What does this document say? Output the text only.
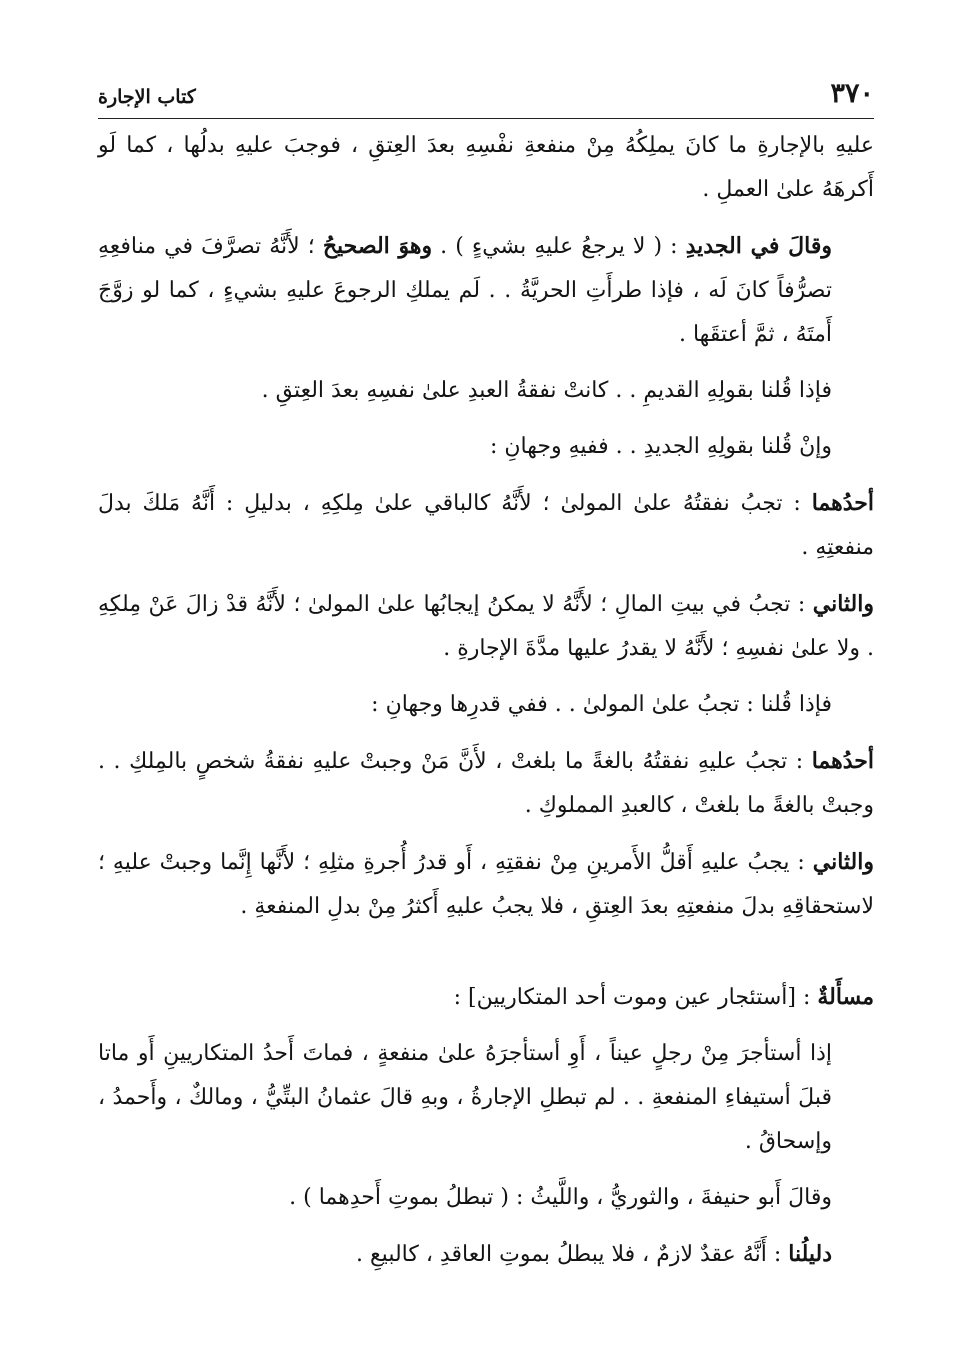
٣٧٠
كتاب الإجارة

عليهِ بالإجارةِ ما كانَ يملِكُهُ مِنْ منفعةِ نفْسِهِ بعدَ العِتقِ ، فوجبَ عليهِ بدلُها ، كما لَو أَكرهَهُ علىٰ العملِ .

وقالَ في الجديدِ : ( لا يرجعُ عليهِ بشيءٍ ) . وهوَ الصحيحُ ؛ لأَنَّهُ تصرَّفَ في منافعِهِ تصرُّفاً كانَ لَه ، فإذا طرأَتِ الحريَّةُ . . لَم يملكِ الرجوعَ عليهِ بشيءٍ ، كما لو زوَّجَ أَمتَهُ ، ثمَّ أعتقَها .

فإذا قُلنا بقولِهِ القديمِ . . كانتْ نفقةُ العبدِ علىٰ نفسِهِ بعدَ العِتقِ .

وإنْ قُلنا بقولِهِ الجديدِ . . ففيهِ وجهانِ :

أحدُهما : تجبُ نفقتُهُ علىٰ المولىٰ ؛ لأَنَّهُ كالباقي علىٰ مِلكِهِ ، بدليلِ : أَنَّهُ مَلكَ بدلَ منفعتِهِ .

والثاني : تجبُ في بيتِ المالِ ؛ لأَنَّهُ لا يمكنُ إيجابُها علىٰ المولىٰ ؛ لأَنَّهُ قدْ زالَ عَنْ مِلكِهِ . ولا علىٰ نفسِهِ ؛ لأَنَّهُ لا يقدرُ عليها مدَّةَ الإجارةِ .

فإذا قُلنا : تجبُ علىٰ المولىٰ . . ففي قدرِها وجهانِ :

أحدُهما : تجبُ عليهِ نفقتُهُ بالغةً ما بلغتْ ، لأَنَّ مَنْ وجبتْ عليهِ نفقةُ شخصٍ بالمِلكِ . . وجبتْ بالغةً ما بلغتْ ، كالعبدِ المملوكِ .

والثاني : يجبُ عليهِ أَقلُّ الأَمرينِ مِنْ نفقتِهِ ، أَو قدرُ أُجرةِ مثلِهِ ؛ لأَنَّها إِنَّما وجبتْ عليهِ ؛ لاستحقاقِهِ بدلَ منفعتِهِ بعدَ العِتقِ ، فلا يجبُ عليهِ أَكثرُ مِنْ بدلِ المنفعةِ .

مسأَلةٌ : [أستئجار عين وموت أحد المتكاريين] :

إذا أستأجرَ مِنْ رجلٍ عيناً ، أَوِ أستأجرَهُ علىٰ منفعةٍ ، فماتَ أَحدُ المتكاريينِ أَو ماتا قبلَ أستيفاءِ المنفعةِ . . لم تبطلِ الإجارةُ ، وبهِ قالَ عثمانُ البتِّيُّ ، ومالكٌ ، وأَحمدُ ، وإسحاقُ .

وقالَ أَبو حنيفةَ ، والثوريُّ ، واللَّيثُ : ( تبطلُ بموتِ أَحدِهما ) .

دليلُنا : أَنَّهُ عقدٌ لازمٌ ، فلا يبطلُ بموتِ العاقدِ ، كالبيعِ .
